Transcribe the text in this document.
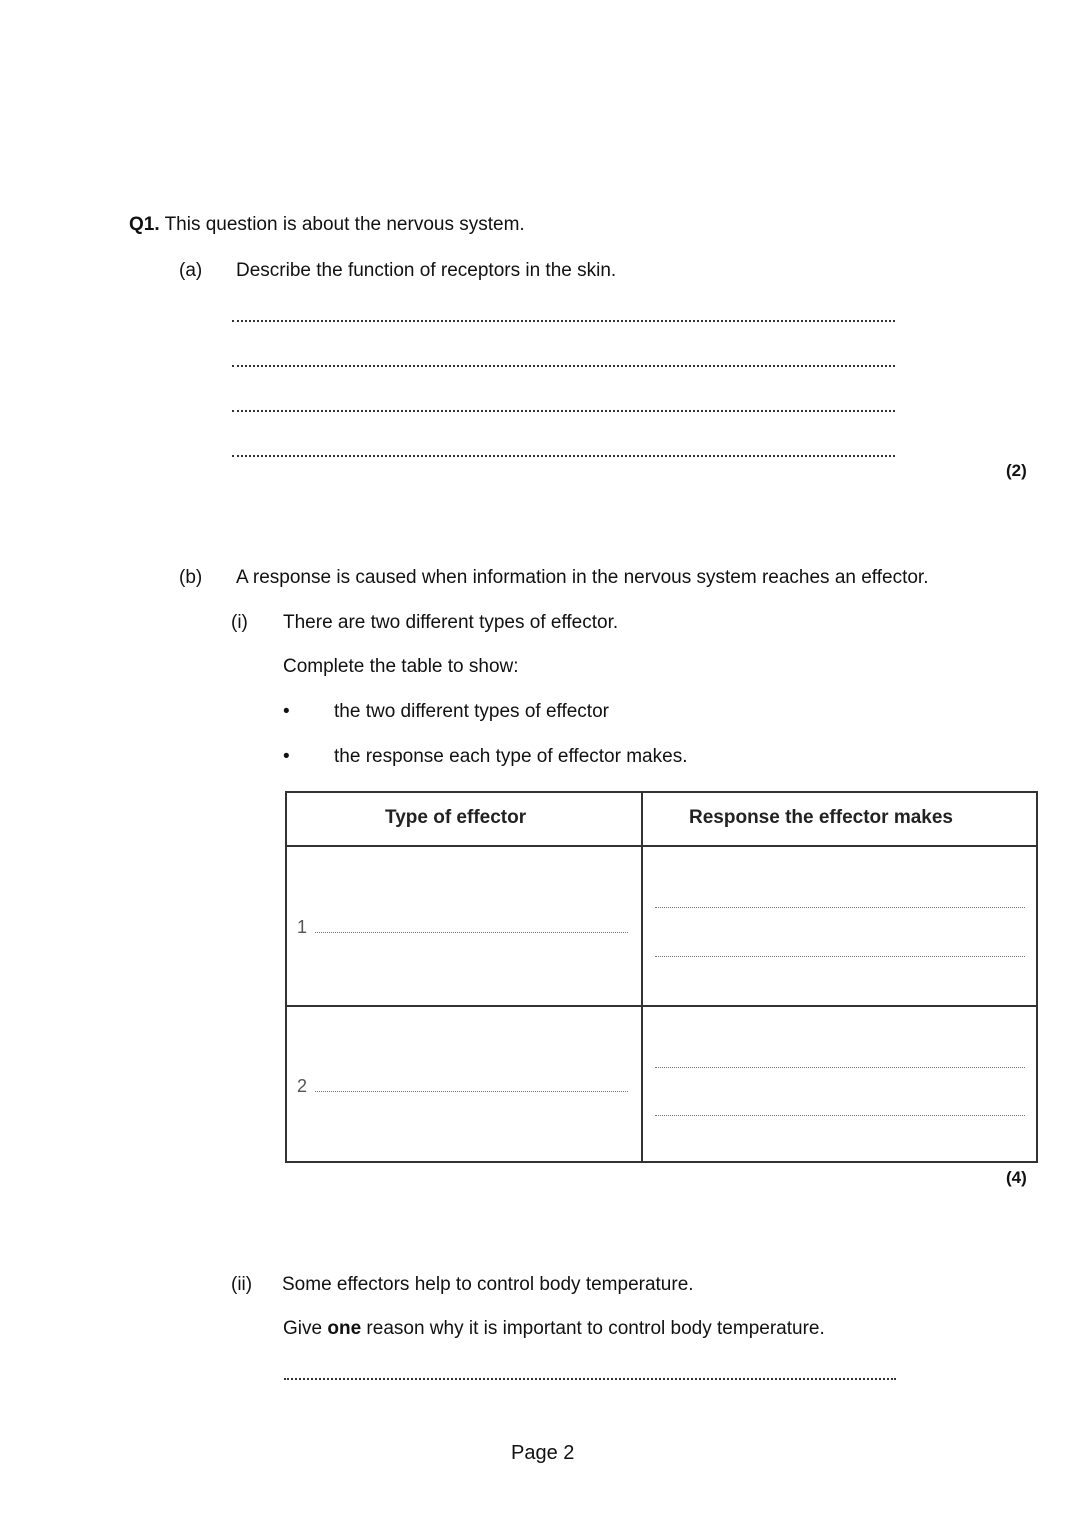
Q1. This question is about the nervous system.
(a) Describe the function of receptors in the skin.
(2)
(b) A response is caused when information in the nervous system reaches an effector.
(i) There are two different types of effector.
Complete the table to show:
• the two different types of effector
• the response each type of effector makes.
Type of effector	Response the effector makes
1
2
(4)
(ii) Some effectors help to control body temperature.
Give one reason why it is important to control body temperature.
Page 2
